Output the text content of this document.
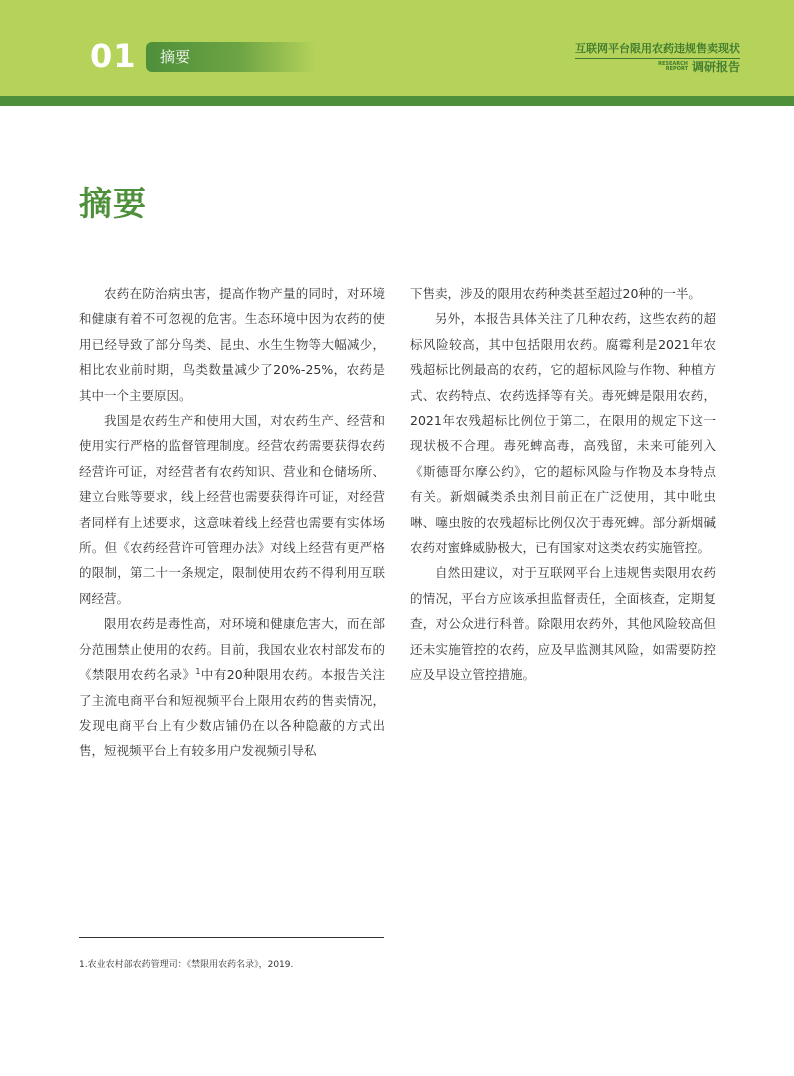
01 摘要	互联网平台限用农药违规售卖现状
RESEARCH
REPORT 调研报告
摘要

农药在防治病虫害，提高作物产量的同时，对环境和健康有着不可忽视的危害。生态环境中因为农药的使用已经导致了部分鸟类、昆虫、水生生物等大幅减少，相比农业前时期，鸟类数量减少了20%-25%，农药是其中一个主要原因。

我国是农药生产和使用大国，对农药生产、经营和使用实行严格的监督管理制度。经营农药需要获得农药经营许可证，对经营者有农药知识、营业和仓储场所、建立台账等要求，线上经营也需要获得许可证，对经营者同样有上述要求，这意味着线上经营也需要有实体场所。但《农药经营许可管理办法》对线上经营有更严格的限制，第二十一条规定，限制使用农药不得利用互联网经营。

限用农药是毒性高，对环境和健康危害大，而在部分范围禁止使用的农药。目前，我国农业农村部发布的《禁限用农药名录》$^1$中有20种限用农药。本报告关注了主流电商平台和短视频平台上限用农药的售卖情况，发现电商平台上有少数店铺仍在以各种隐蔽的方式出售，短视频平台上有较多用户发视频引导私

下售卖，涉及的限用农药种类甚至超过20种的一半。

另外，本报告具体关注了几种农药，这些农药的超标风险较高，其中包括限用农药。腐霉利是2021年农残超标比例最高的农药，它的超标风险与作物、种植方式、农药特点、农药选择等有关。毒死蜱是限用农药，2021年农残超标比例位于第二，在限用的规定下这一现状极不合理。毒死蜱高毒，高残留，未来可能列入《斯德哥尔摩公约》，它的超标风险与作物及本身特点有关。新烟碱类杀虫剂目前正在广泛使用，其中吡虫啉、噻虫胺的农残超标比例仅次于毒死蜱。部分新烟碱农药对蜜蜂威胁极大，已有国家对这类农药实施管控。

自然田建议，对于互联网平台上违规售卖限用农药的情况，平台方应该承担监督责任，全面核查，定期复查，对公众进行科普。除限用农药外，其他风险较高但还未实施管控的农药，应及早监测其风险，如需要防控应及早设立管控措施。

1.农业农村部农药管理司：《禁限用农药名录》，2019.
